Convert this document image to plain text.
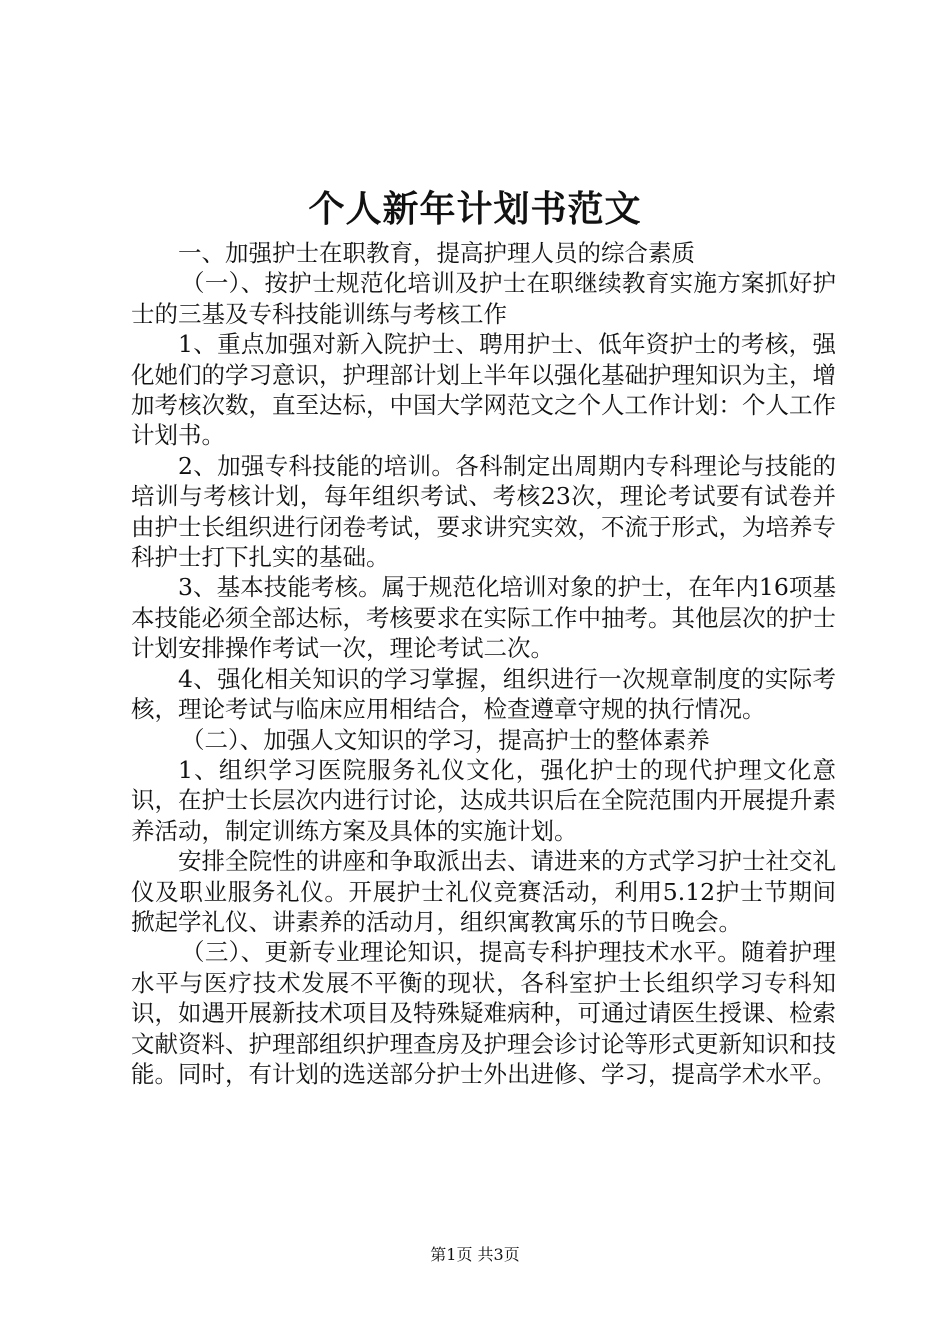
个人新年计划书范文

一、加强护士在职教育，提高护理人员的综合素质

（一）、按护士规范化培训及护士在职继续教育实施方案抓好护士的三基及专科技能训练与考核工作

1、重点加强对新入院护士、聘用护士、低年资护士的考核，强化她们的学习意识，护理部计划上半年以强化基础护理知识为主，增加考核次数，直至达标，中国大学网范文之个人工作计划：个人工作计划书。

2、加强专科技能的培训。各科制定出周期内专科理论与技能的培训与考核计划，每年组织考试、考核23次，理论考试要有试卷并由护士长组织进行闭卷考试，要求讲究实效，不流于形式，为培养专科护士打下扎实的基础。

3、基本技能考核。属于规范化培训对象的护士，在年内16项基本技能必须全部达标，考核要求在实际工作中抽考。其他层次的护士计划安排操作考试一次，理论考试二次。

4、强化相关知识的学习掌握，组织进行一次规章制度的实际考核，理论考试与临床应用相结合，检查遵章守规的执行情况。

（二）、加强人文知识的学习，提高护士的整体素养

1、组织学习医院服务礼仪文化，强化护士的现代护理文化意识，在护士长层次内进行讨论，达成共识后在全院范围内开展提升素养活动，制定训练方案及具体的实施计划。

安排全院性的讲座和争取派出去、请进来的方式学习护士社交礼仪及职业服务礼仪。开展护士礼仪竞赛活动，利用5.12护士节期间掀起学礼仪、讲素养的活动月，组织寓教寓乐的节日晚会。

（三）、更新专业理论知识，提高专科护理技术水平。随着护理水平与医疗技术发展不平衡的现状，各科室护士长组织学习专科知识，如遇开展新技术项目及特殊疑难病种，可通过请医生授课、检索文献资料、护理部组织护理查房及护理会诊讨论等形式更新知识和技能。同时，有计划的选送部分护士外出进修、学习，提高学术水平。

第1页 共3页
